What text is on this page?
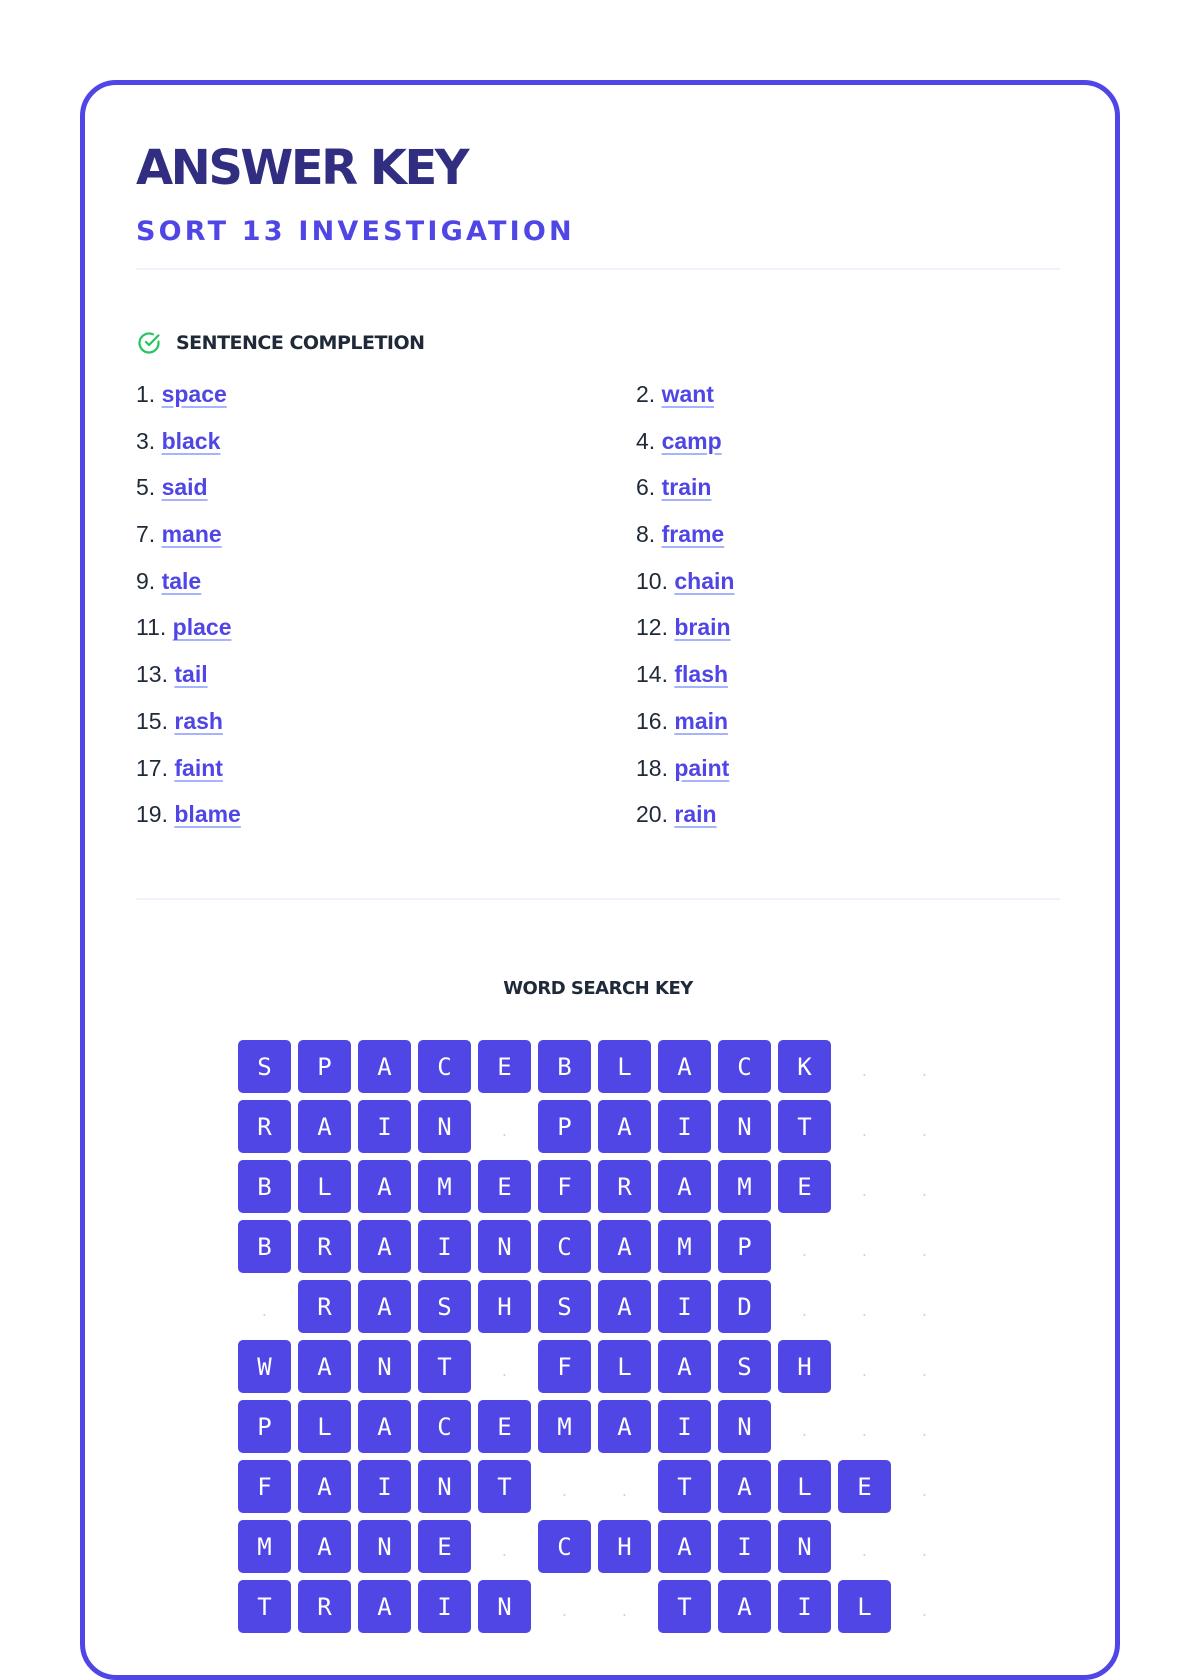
ANSWER KEY
SORT 13 INVESTIGATION
SENTENCE COMPLETION
1. space	2. want
3. black	4. camp
5. said	6. train
7. mane	8. frame
9. tale	10. chain
11. place	12. brain
13. tail	14. flash
15. rash	16. main
17. faint	18. paint
19. blame	20. rain
WORD SEARCH KEY
S	P	A	C	E	B	L	A	C	K	.	.
R	A	I	N	.	P	A	I	N	T	.	.
B	L	A	M	E	F	R	A	M	E	.	.
B	R	A	I	N	C	A	M	P	.	.	.
.	R	A	S	H	S	A	I	D	.	.	.
W	A	N	T	.	F	L	A	S	H	.	.
P	L	A	C	E	M	A	I	N	.	.	.
F	A	I	N	T	.	.	T	A	L	E	.
M	A	N	E	.	C	H	A	I	N	.	.
T	R	A	I	N	.	.	T	A	I	L	.
